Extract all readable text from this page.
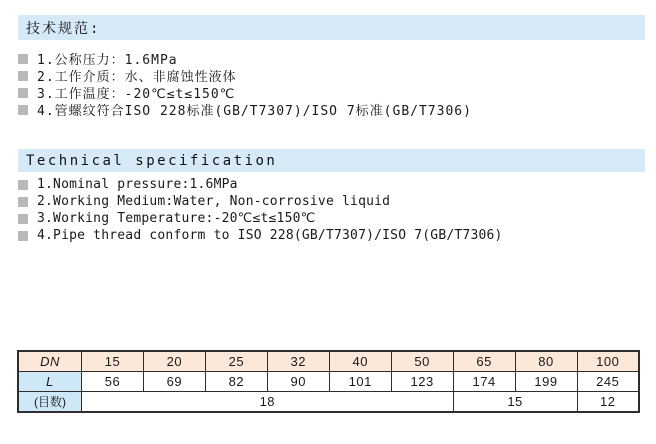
技术规范:
1.公称压力：1.6MPa
2.工作介质：水、非腐蚀性液体
3.工作温度：-20℃≤t≤150℃
4.管螺纹符合ISO 228标准(GB/T7307)/ISO 7标准(GB/T7306)
Technical specification
1.Nominal pressure:1.6MPa
2.Working Medium:Water, Non-corrosive liquid
3.Working Temperature:-20℃≤t≤150℃
4.Pipe thread conform to ISO 228(GB/T7307)/ISO 7(GB/T7306)
DN	15	20	25	32	40	50	65	80	100
L	56	69	82	90	101	123	174	199	245
(目数)	18						15		12
